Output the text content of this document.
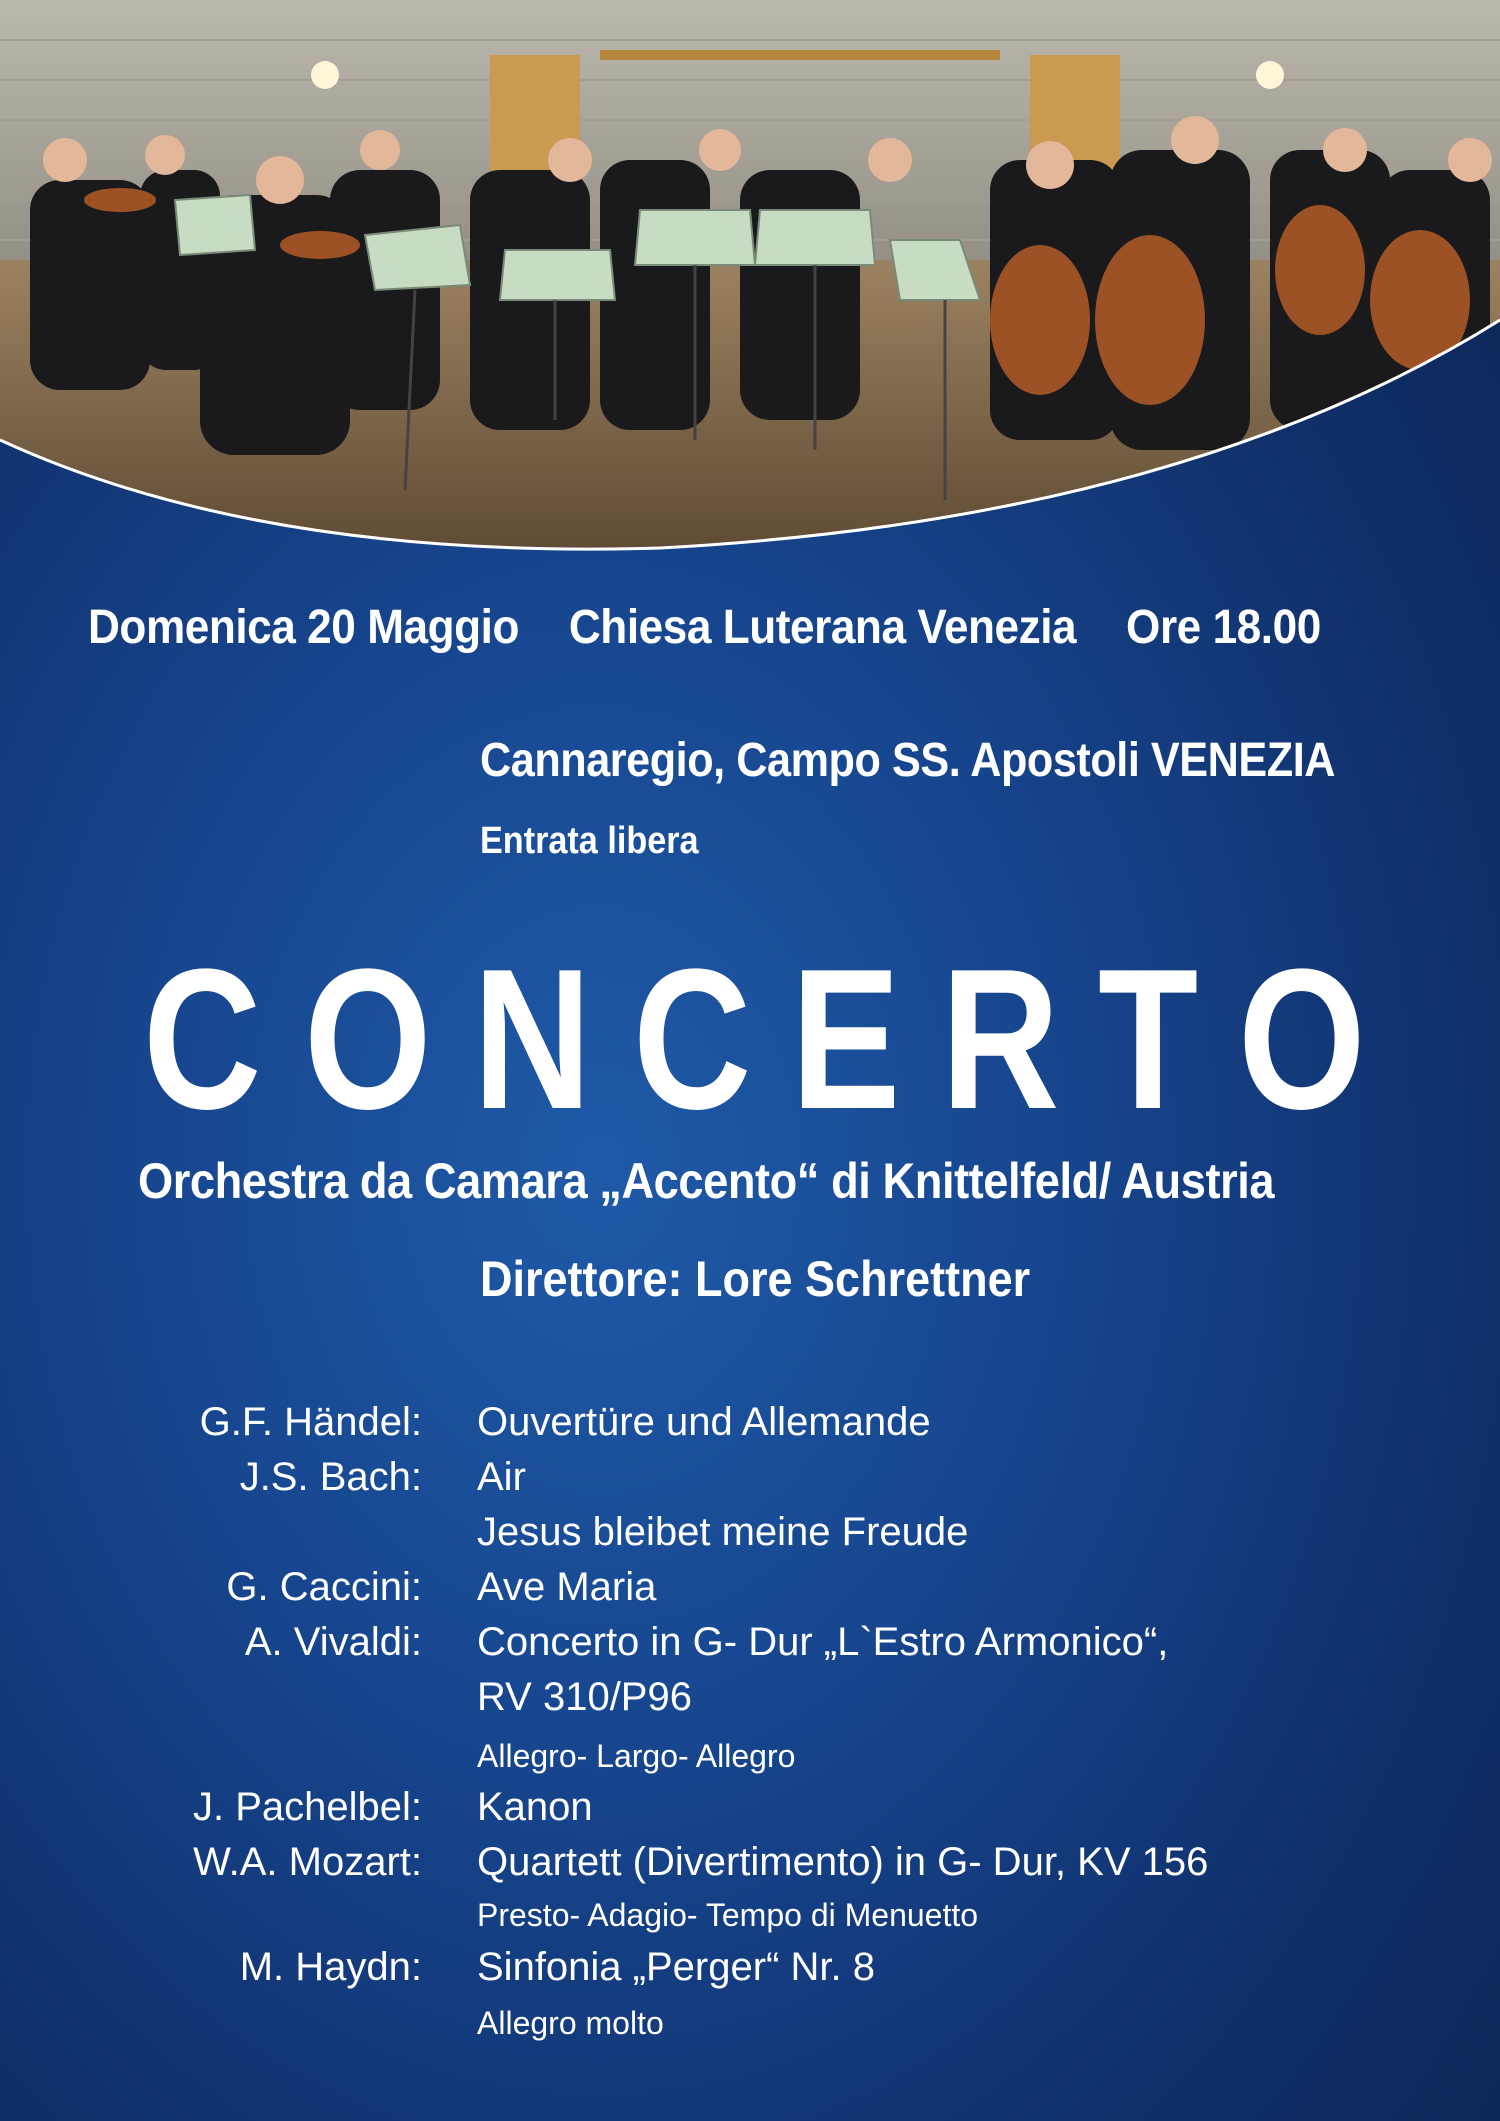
Domenica 20 Maggio Chiesa Luterana Venezia Ore 18.00
Cannaregio, Campo SS. Apostoli VENEZIA
Entrata libera
C O N C E R T O
Orchestra da Camara „Accento“ di Knittelfeld/ Austria
Direttore: Lore Schrettner
G.F. Händel: Ouvertüre und Allemande
J.S. Bach: Air
Jesus bleibet meine Freude
G. Caccini: Ave Maria
A. Vivaldi: Concerto in G- Dur „L`Estro Armonico“,
RV 310/P96
Allegro- Largo- Allegro
J. Pachelbel: Kanon
W.A. Mozart: Quartett (Divertimento) in G- Dur, KV 156
Presto- Adagio- Tempo di Menuetto
M. Haydn: Sinfonia „Perger“ Nr. 8
Allegro molto
